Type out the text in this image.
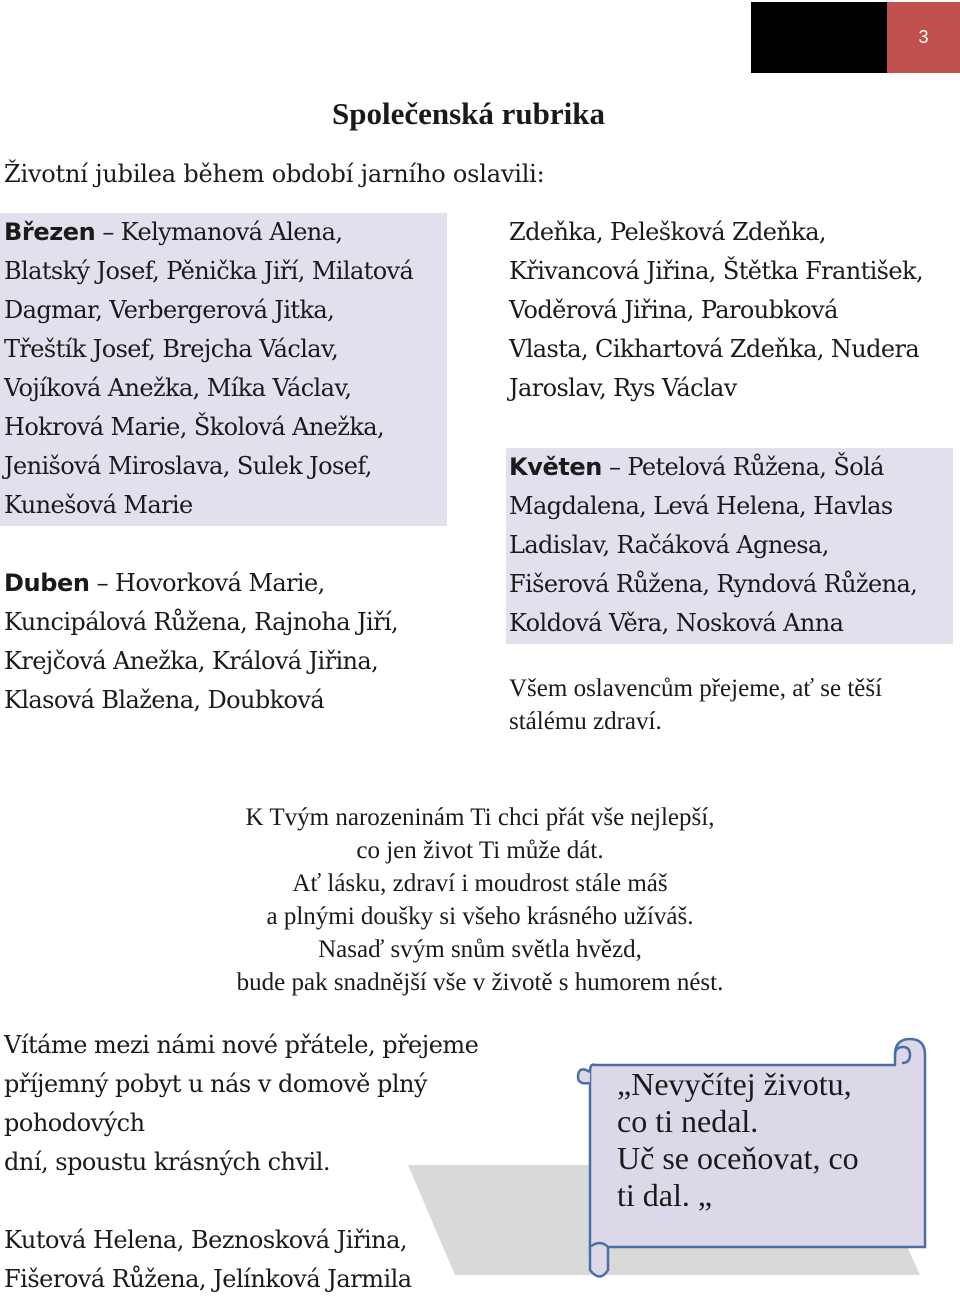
3
Společenská rubrika
Životní jubilea během období jarního oslavili:
Březen – Kelymanová Alena,
Blatský Josef, Pěnička Jiří, Milatová
Dagmar, Verbergerová Jitka,
Třeštík Josef, Brejcha Václav,
Vojíková Anežka, Míka Václav,
Hokrová Marie, Školová Anežka,
Jenišová Miroslava, Sulek Josef,
Kunešová Marie
Duben – Hovorková Marie,
Kuncipálová Růžena, Rajnoha Jiří,
Krejčová Anežka, Králová Jiřina,
Klasová Blažena, Doubková
Zdeňka, Pelešková Zdeňka,
Křivancová Jiřina, Štětka František,
Voděrová Jiřina, Paroubková
Vlasta, Cikhartová Zdeňka, Nudera
Jaroslav, Rys Václav
Květen – Petelová Růžena, Šolá
Magdalena, Levá Helena, Havlas
Ladislav, Račáková Agnesa,
Fišerová Růžena, Ryndová Růžena,
Koldová Věra, Nosková Anna
Všem oslavencům přejeme, ať se těší
stálému zdraví.
K Tvým narozeninám Ti chci přát vše nejlepší,
co jen život Ti může dát.
Ať lásku, zdraví i moudrost stále máš
a plnými doušky si všeho krásného užíváš.
Nasaď svým snům světla hvězd,
bude pak snadnější vše v životě s humorem nést.
Vítáme mezi námi nové přátele, přejeme
příjemný pobyt u nás v domově plný
pohodových
dní, spoustu krásných chvil.
Kutová Helena, Beznosková Jiřina,
Fišerová Růžena, Jelínková Jarmila
„Nevyčítej životu,
co ti nedal.
Uč se oceňovat, co
ti dal. „
